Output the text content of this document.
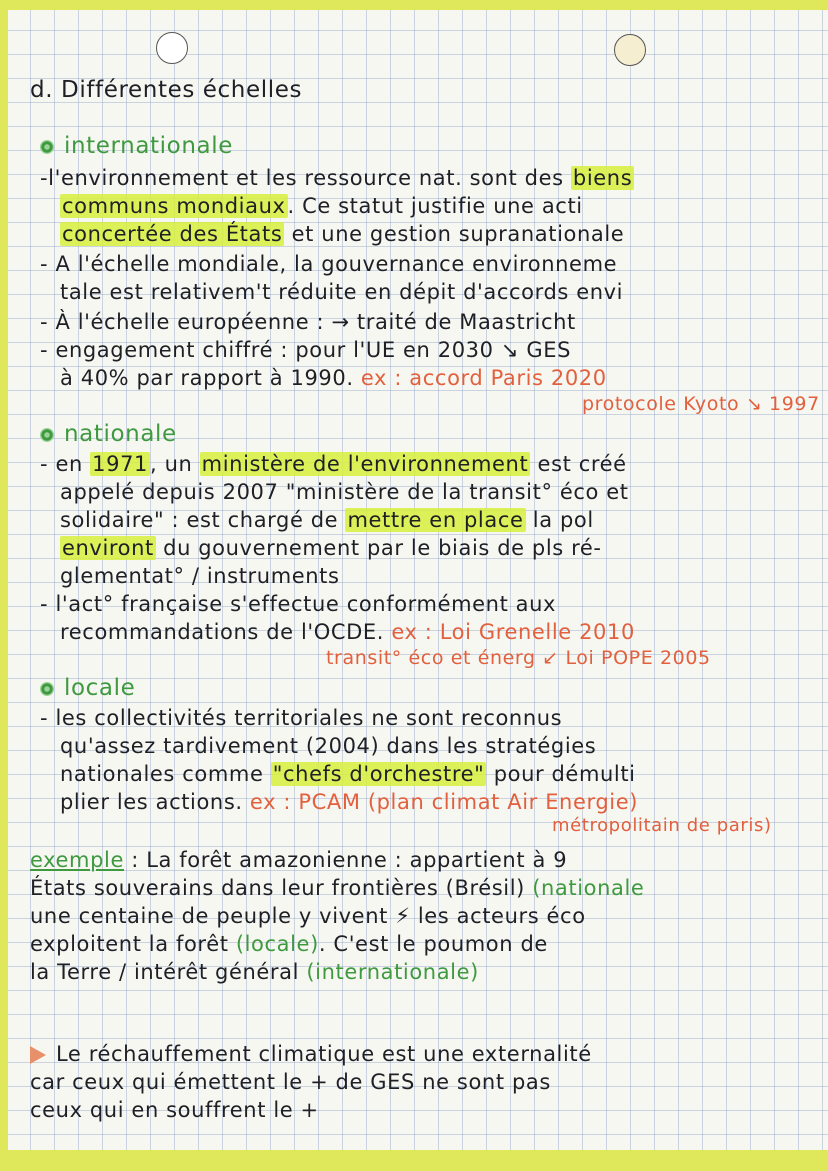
d. Différentes échelles
internationale
-l'environnement et les ressource nat. sont des biens
communs mondiaux. Ce statut justifie une acti
concertée des États et une gestion supranationale
- A l'échelle mondiale, la gouvernance environneme
tale est relativem't réduite en dépit d'accords envi
- À l'échelle européenne : → traité de Maastricht
- engagement chiffré : pour l'UE en 2030 ↘ GES
à 40% par rapport à 1990. ex : accord Paris 2020
protocole Kyoto ↘ 1997
nationale
- en 1971, un ministère de l'environnement est créé
appelé depuis 2007 "ministère de la transit° éco et
solidaire" : est chargé de mettre en place la pol
environt du gouvernement par le biais de pls ré-
glementat° / instruments
- l'act° française s'effectue conformément aux
recommandations de l'OCDE. ex : Loi Grenelle 2010
transit° éco et énerg ↙ Loi POPE 2005
locale
- les collectivités territoriales ne sont reconnus
qu'assez tardivement (2004) dans les stratégies
nationales comme "chefs d'orchestre" pour démulti
plier les actions. ex : PCAM (plan climat Air Energie)
métropolitain de paris)
exemple : La forêt amazonienne : appartient à 9
États souverains dans leur frontières (Brésil) (nationale
une centaine de peuple y vivent ⚡ les acteurs éco
exploitent la forêt (locale). C'est le poumon de
la Terre / intérêt général (internationale)
Le réchauffement climatique est une externalité
car ceux qui émettent le + de GES ne sont pas
ceux qui en souffrent le +
